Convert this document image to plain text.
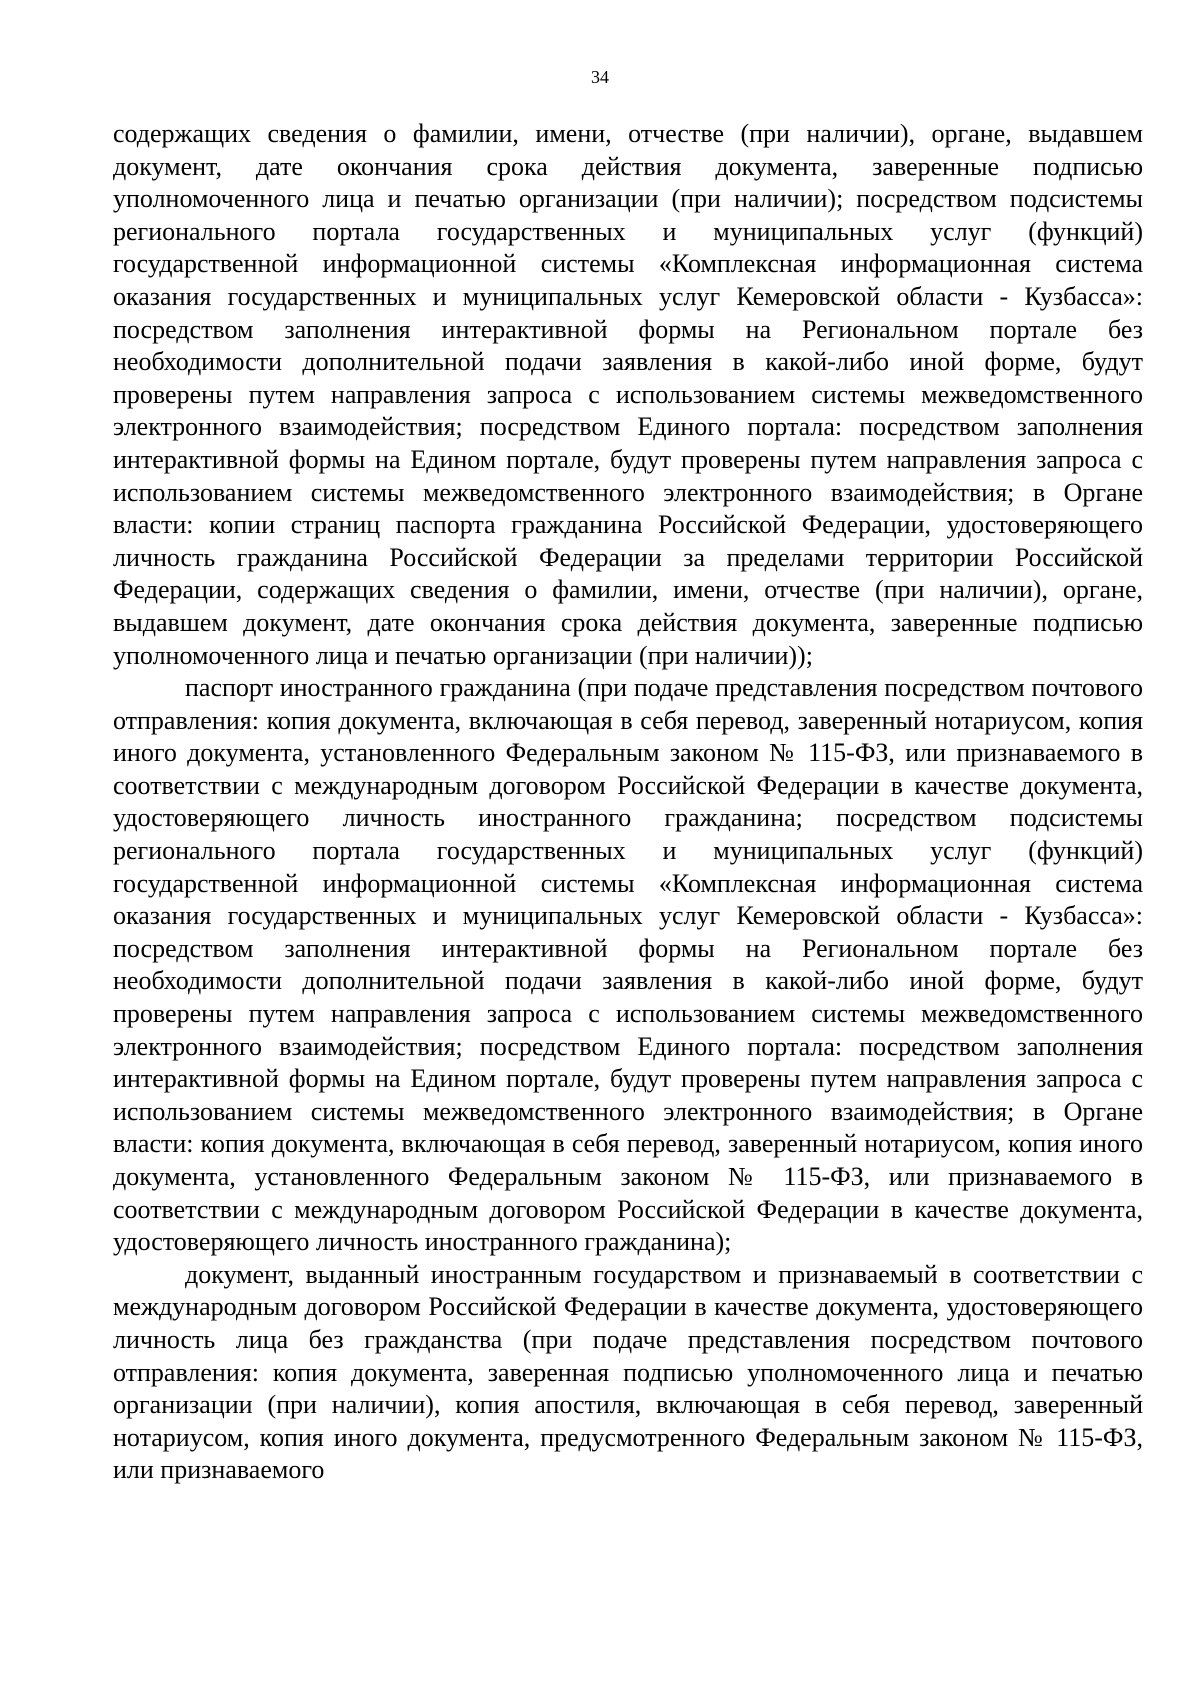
34

содержащих сведения о фамилии, имени, отчестве (при наличии), органе, выдавшем документ, дате окончания срока действия документа, заверенные подписью уполномоченного лица и печатью организации (при наличии); посредством подсистемы регионального портала государственных и муниципальных услуг (функций) государственной информационной системы «Комплексная информационная система оказания государственных и муниципальных услуг Кемеровской области - Кузбасса»: посредством заполнения интерактивной формы на Региональном портале без необходимости дополнительной подачи заявления в какой-либо иной форме, будут проверены путем направления запроса с использованием системы межведомственного электронного взаимодействия; посредством Единого портала: посредством заполнения интерактивной формы на Едином портале, будут проверены путем направления запроса с использованием системы межведомственного электронного взаимодействия; в Органе власти: копии страниц паспорта гражданина Российской Федерации, удостоверяющего личность гражданина Российской Федерации за пределами территории Российской Федерации, содержащих сведения о фамилии, имени, отчестве (при наличии), органе, выдавшем документ, дате окончания срока действия документа, заверенные подписью уполномоченного лица и печатью организации (при наличии));

паспорт иностранного гражданина (при подаче представления посредством почтового отправления: копия документа, включающая в себя перевод, заверенный нотариусом, копия иного документа, установленного Федеральным законом № 115-ФЗ, или признаваемого в соответствии с международным договором Российской Федерации в качестве документа, удостоверяющего личность иностранного гражданина; посредством подсистемы регионального портала государственных и муниципальных услуг (функций) государственной информационной системы «Комплексная информационная система оказания государственных и муниципальных услуг Кемеровской области - Кузбасса»: посредством заполнения интерактивной формы на Региональном портале без необходимости дополнительной подачи заявления в какой-либо иной форме, будут проверены путем направления запроса с использованием системы межведомственного электронного взаимодействия; посредством Единого портала: посредством заполнения интерактивной формы на Едином портале, будут проверены путем направления запроса с использованием системы межведомственного электронного взаимодействия; в Органе власти: копия документа, включающая в себя перевод, заверенный нотариусом, копия иного документа, установленного Федеральным законом № 115-ФЗ, или признаваемого в соответствии с международным договором Российской Федерации в качестве документа, удостоверяющего личность иностранного гражданина);

документ, выданный иностранным государством и признаваемый в соответствии с международным договором Российской Федерации в качестве документа, удостоверяющего личность лица без гражданства (при подаче представления посредством почтового отправления: копия документа, заверенная подписью уполномоченного лица и печатью организации (при наличии), копия апостиля, включающая в себя перевод, заверенный нотариусом, копия иного документа, предусмотренного Федеральным законом № 115-ФЗ, или признаваемого
